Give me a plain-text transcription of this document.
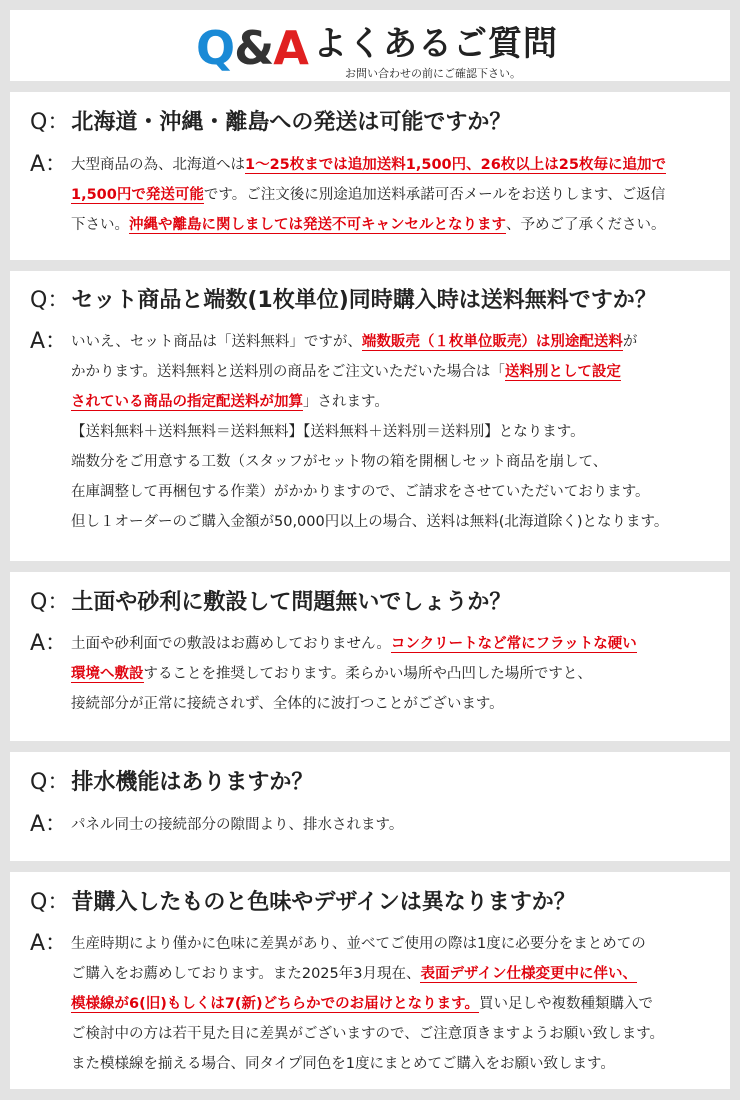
Q&A よくあるご質問
お問い合わせの前にご確認下さい。
Q：北海道・沖縄・離島への発送は可能ですか？
A： 大型商品の為、北海道へは1～25枚までは追加送料1,500円、26枚以上は25枚毎に追加で
1,500円で発送可能です。ご注文後に別途追加送料承諾可否メールをお送りします、ご返信
下さい。沖縄や離島に関しましては発送不可キャンセルとなります、予めご了承ください。
Q：セット商品と端数(1枚単位)同時購入時は送料無料ですか？
A： いいえ、セット商品は「送料無料」ですが、端数販売（１枚単位販売）は別途配送料が
かかります。送料無料と送料別の商品をご注文いただいた場合は「送料別として設定
されている商品の指定配送料が加算」されます。
【送料無料＋送料無料＝送料無料】【送料無料＋送料別＝送料別】となります。
端数分をご用意する工数（スタッフがセット物の箱を開梱しセット商品を崩して、
在庫調整して再梱包する作業）がかかりますので、ご請求をさせていただいております。
但し１オーダーのご購入金額が50,000円以上の場合、送料は無料(北海道除く)となります。
Q：土面や砂利に敷設して問題無いでしょうか？
A： 土面や砂利面での敷設はお薦めしておりません。コンクリートなど常にフラットな硬い
環境へ敷設することを推奨しております。柔らかい場所や凸凹した場所ですと、
接続部分が正常に接続されず、全体的に波打つことがございます。
Q：排水機能はありますか？
A： パネル同士の接続部分の隙間より、排水されます。
Q：昔購入したものと色味やデザインは異なりますか？
A： 生産時期により僅かに色味に差異があり、並べてご使用の際は1度に必要分をまとめての
ご購入をお薦めしております。また2025年3月現在、表面デザイン仕様変更中に伴い、
模様線が6(旧)もしくは7(新)どちらかでのお届けとなります。買い足しや複数種類購入で
ご検討中の方は若干見た目に差異がございますので、ご注意頂きますようお願い致します。
また模様線を揃える場合、同タイプ同色を1度にまとめてご購入をお願い致します。
